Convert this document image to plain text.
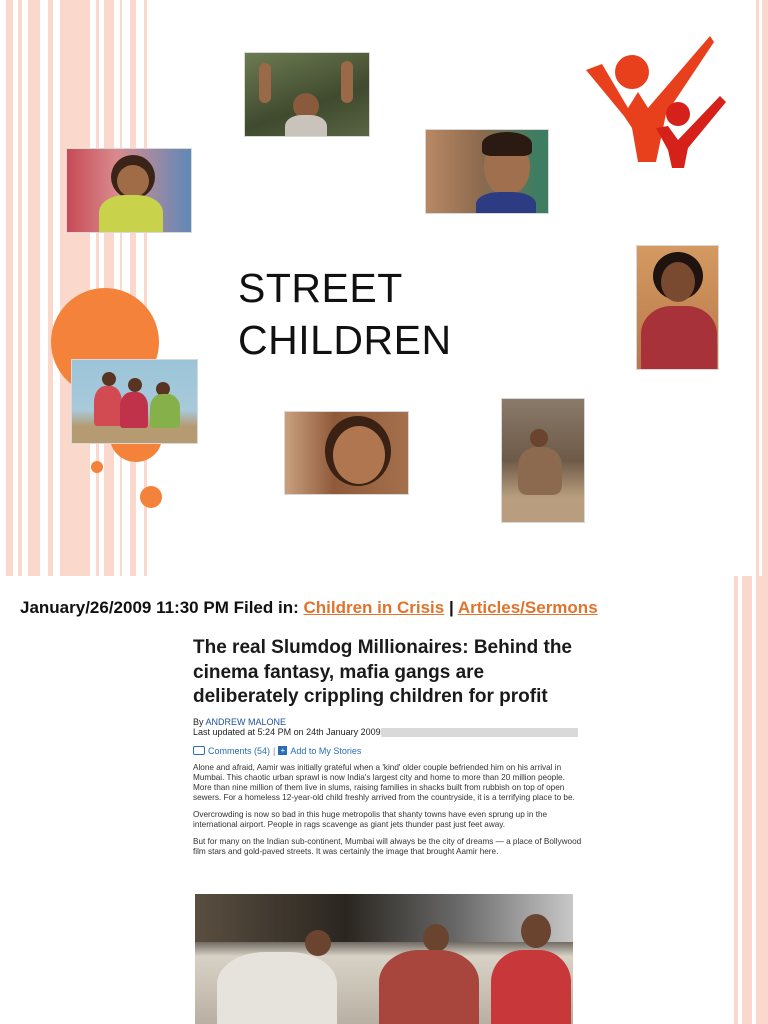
STREET
CHILDREN
January/26/2009 11:30 PM Filed in: Children in Crisis | Articles/Sermons
The real Slumdog Millionaires: Behind the cinema fantasy, mafia gangs are deliberately crippling children for profit
By ANDREW MALONE
Last updated at 5:24 PM on 24th January 2009
Comments (54) | + Add to My Stories
Alone and afraid, Aamir was initially grateful when a 'kind' older couple befriended him on his arrival in Mumbai. This chaotic urban sprawl is now India's largest city and home to more than 20 million people. More than nine million of them live in slums, raising families in shacks built from rubbish on top of open sewers. For a homeless 12-year-old child freshly arrived from the countryside, it is a terrifying place to be.
Overcrowding is now so bad in this huge metropolis that shanty towns have even sprung up in the international airport. People in rags scavenge as giant jets thunder past just feet away.
But for many on the Indian sub-continent, Mumbai will always be the city of dreams — a place of Bollywood film stars and gold-paved streets. It was certainly the image that brought Aamir here.
